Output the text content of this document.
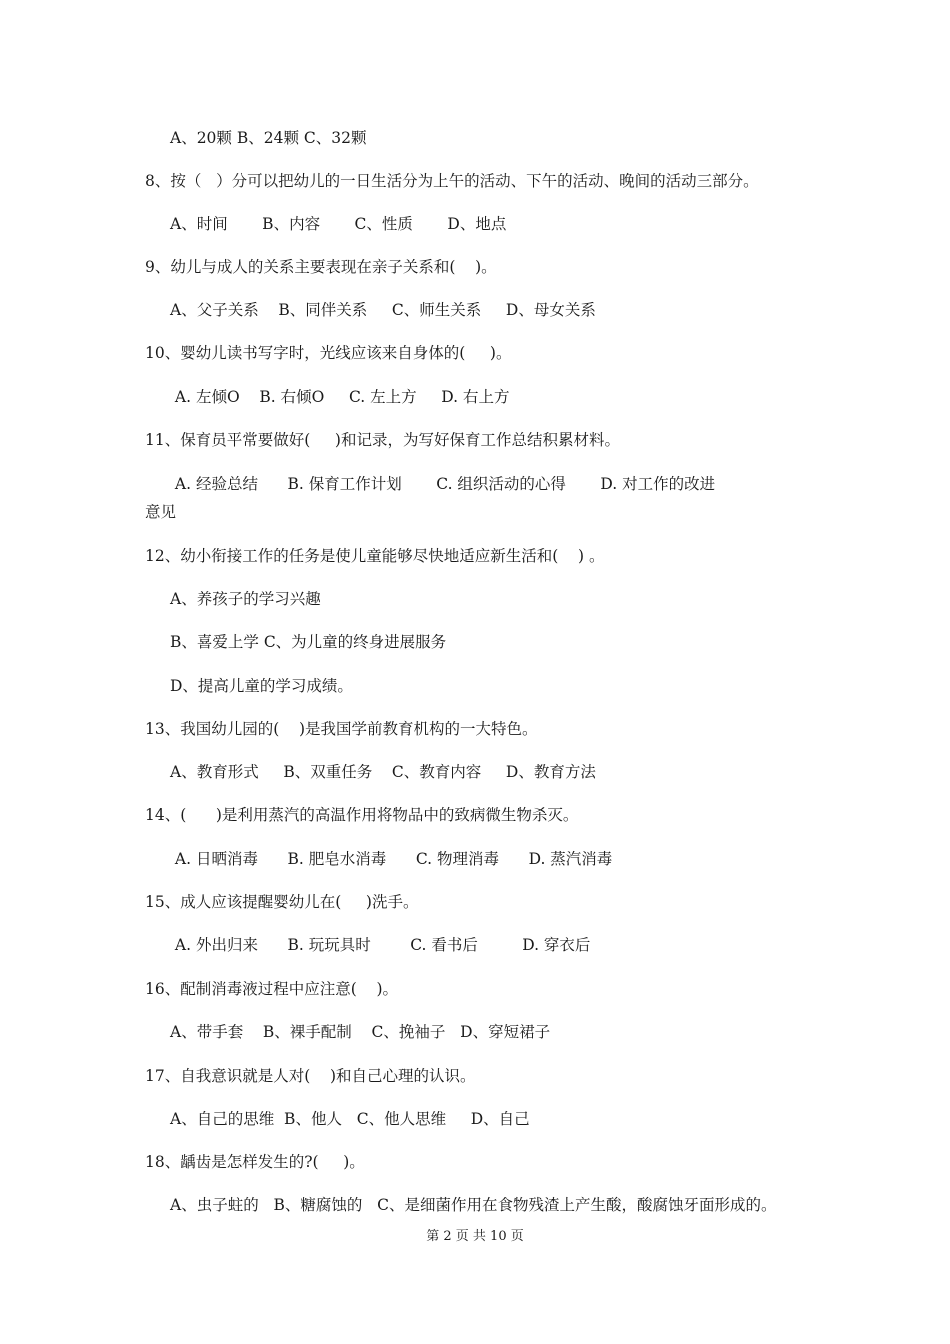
A、20颗 B、24颗 C、32颗
8、按（   ）分可以把幼儿的一日生活分为上午的活动、下午的活动、晚间的活动三部分。
A、时间       B、内容       C、性质       D、地点
9、幼儿与成人的关系主要表现在亲子关系和(    )。
A、父子关系    B、同伴关系     C、师生关系     D、母女关系
10、婴幼儿读书写字时，光线应该来自身体的(     )。
A. 左倾O    B. 右倾O     C. 左上方     D. 右上方
11、保育员平常要做好(     )和记录，为写好保育工作总结积累材料。
A. 经验总结      B. 保育工作计划       C. 组织活动的心得       D. 对工作的改进
意见
12、幼小衔接工作的任务是使儿童能够尽快地适应新生活和(    ) 。
A、养孩子的学习兴趣
B、喜爱上学 C、为儿童的终身进展服务
D、提高儿童的学习成绩。
13、我国幼儿园的(    )是我国学前教育机构的一大特色。
A、教育形式     B、双重任务    C、教育内容     D、教育方法
14、(      )是利用蒸汽的高温作用将物品中的致病微生物杀灭。
A. 日晒消毒      B. 肥皂水消毒      C. 物理消毒      D. 蒸汽消毒
15、成人应该提醒婴幼儿在(     )洗手。
A. 外出归来      B. 玩玩具时        C. 看书后         D. 穿衣后
16、配制消毒液过程中应注意(    )。
A、带手套    B、裸手配制    C、挽袖子   D、穿短裙子
17、自我意识就是人对(    )和自己心理的认识。
A、自己的思维  B、他人   C、他人思维     D、自己
18、龋齿是怎样发生的?(     )。
A、虫子蛀的   B、糖腐蚀的   C、是细菌作用在食物残渣上产生酸，酸腐蚀牙面形成的。
第 2 页 共 10 页
